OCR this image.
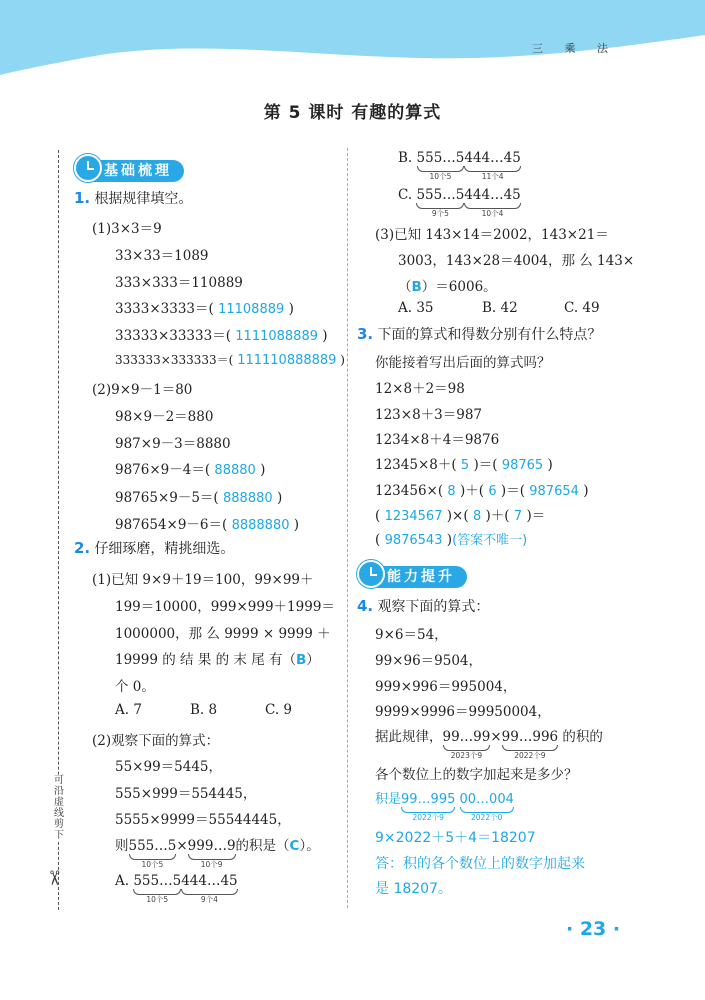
三 乘 法
第 5 课时 有趣的算式
可沿虚线剪下
✂
基础梳理
1. 根据规律填空。
(1)3×3＝9
33×33＝1089
333×333＝110889
3333×3333＝( 11108889 )
33333×33333＝( 1111088889 )
333333×333333＝( 111110888889 )
(2)9×9－1＝80
98×9－2＝880
987×9－3＝8880
9876×9－4＝( 88880 )
98765×9－5＝( 888880 )
987654×9－6＝( 8888880 )
2. 仔细琢磨，精挑细选。
(1)已知 9×9＋19＝100，99×99＋
199＝10000，999×999＋1999＝
1000000，那 么 9999 × 9999 ＋
19999 的 结 果 的 末 尾 有（B）
个 0。
A. 7	B. 8	C. 9
(2)观察下面的算式：
55×99＝5445，
555×999＝554445，
5555×9999＝55544445，
则555…5
10个5
×999…9
10个9
的积是（C）。
A. 555…5
10个5
444…45
9个4
B. 555…5
10个5
444…45
11个4
C. 555…5
9个5
444…45
10个4
(3)已知 143×14＝2002，143×21＝
3003，143×28＝4004，那 么 143×
（B）＝6006。
A. 35	B. 42	C. 49
3. 下面的算式和得数分别有什么特点？
你能接着写出后面的算式吗？
12×8＋2＝98
123×8＋3＝987
1234×8＋4＝9876
12345×8＋( 5 )＝( 98765 )
123456×( 8 )＋( 6 )＝( 987654 )
( 1234567 )×( 8 )＋( 7 )＝
( 9876543 )(答案不唯一)
能力提升
4. 观察下面的算式：
9×6＝54，
99×96＝9504，
999×996＝995004，
9999×9996＝99950004，
据此规律，99…99
2023个9
×99…996
2022个9
的积的
各个数位上的数字加起来是多少？
积是99…995
2022个9
00…004
2022个0
9×2022＋5＋4＝18207
答：积的各个数位上的数字加起来
是 18207。
· 23 ·
